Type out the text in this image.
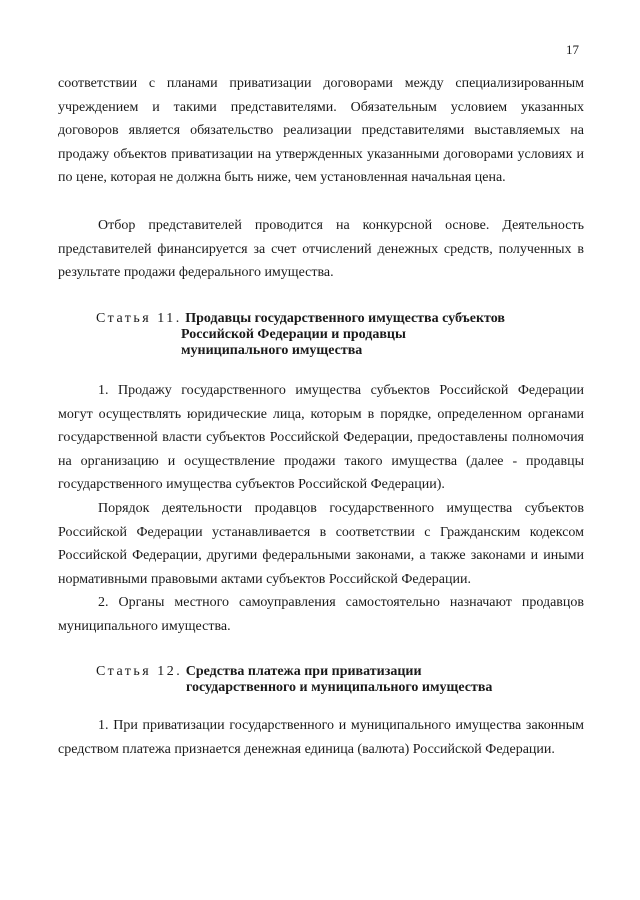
17

соответствии с планами приватизации договорами между специализированным учреждением и такими представителями. Обязательным условием указанных договоров является обязательство реализации представителями выставляемых на продажу объектов приватизации на утвержденных указанными договорами условиях и по цене, которая не должна быть ниже, чем установленная начальная цена.

Отбор представителей проводится на конкурсной основе. Деятельность представителей финансируется за счет отчислений денежных средств, полученных в результате продажи федерального имущества.

Статья 11. Продавцы государственного имущества субъектов
Российской Федерации и продавцы
муниципального имущества

1. Продажу государственного имущества субъектов Российской Федерации могут осуществлять юридические лица, которым в порядке, определенном органами государственной власти субъектов Российской Федерации, предоставлены полномочия на организацию и осуществление продажи такого имущества (далее - продавцы государственного имущества субъектов Российской Федерации).

Порядок деятельности продавцов государственного имущества субъектов Российской Федерации устанавливается в соответствии с Гражданским кодексом Российской Федерации, другими федеральными законами, а также законами и иными нормативными правовыми актами субъектов Российской Федерации.

2. Органы местного самоуправления самостоятельно назначают продавцов муниципального имущества.

Статья 12. Средства платежа при приватизации
государственного и муниципального имущества

1. При приватизации государственного и муниципального имущества законным средством платежа признается денежная единица (валюта) Российской Федерации.
